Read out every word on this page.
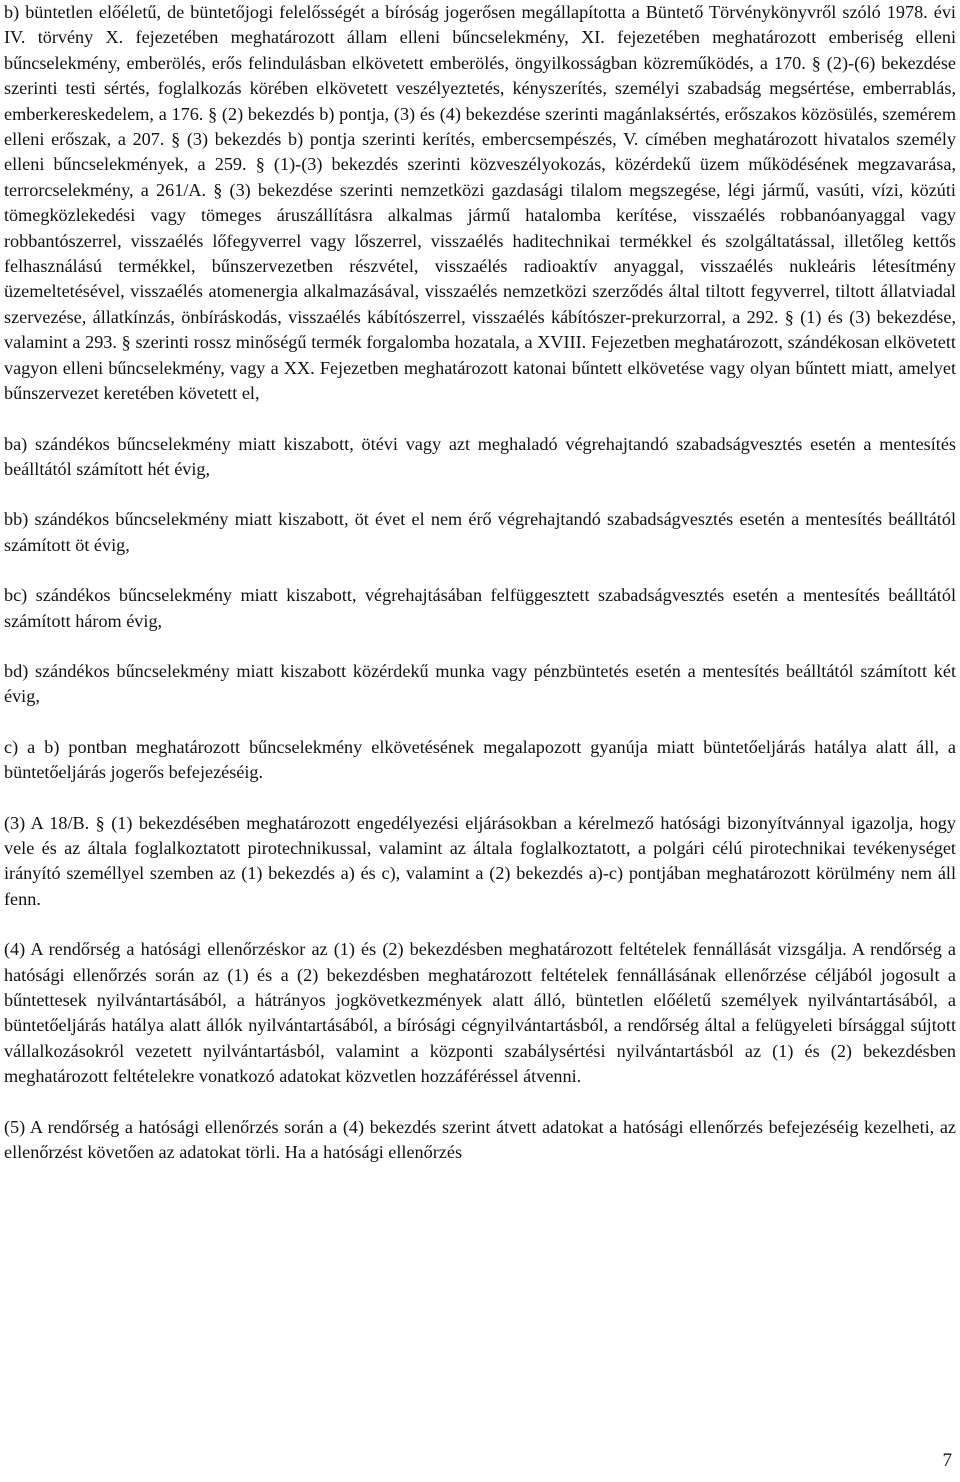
b) büntetlen előéletű, de büntetőjogi felelősségét a bíróság jogerősen megállapította a Büntető Törvénykönyvről szóló 1978. évi IV. törvény X. fejezetében meghatározott állam elleni bűncselekmény, XI. fejezetében meghatározott emberiség elleni bűncselekmény, emberölés, erős felindulásban elkövetett emberölés, öngyilkosságban közreműködés, a 170. § (2)-(6) bekezdése szerinti testi sértés, foglalkozás körében elkövetett veszélyeztetés, kényszerítés, személyi szabadság megsértése, emberrablás, emberkereskedelem, a 176. § (2) bekezdés b) pontja, (3) és (4) bekezdése szerinti magánlaksértés, erőszakos közösülés, szemérem elleni erőszak, a 207. § (3) bekezdés b) pontja szerinti kerítés, embercsempészés, V. címében meghatározott hivatalos személy elleni bűncselekmények, a 259. § (1)-(3) bekezdés szerinti közveszélyokozás, közérdekű üzem működésének megzavarása, terrorcselekmény, a 261/A. § (3) bekezdése szerinti nemzetközi gazdasági tilalom megszegése, légi jármű, vasúti, vízi, közúti tömegközlekedési vagy tömeges áruszállításra alkalmas jármű hatalomba kerítése, visszaélés robbanóanyaggal vagy robbantószerrel, visszaélés lőfegyverrel vagy lőszerrel, visszaélés haditechnikai termékkel és szolgáltatással, illetőleg kettős felhasználású termékkel, bűnszervezetben részvétel, visszaélés radioaktív anyaggal, visszaélés nukleáris létesítmény üzemeltetésével, visszaélés atomenergia alkalmazásával, visszaélés nemzetközi szerződés által tiltott fegyverrel, tiltott állatviadal szervezése, állatkínzás, önbíráskodás, visszaélés kábítószerrel, visszaélés kábítószer-prekurzorral, a 292. § (1) és (3) bekezdése, valamint a 293. § szerinti rossz minőségű termék forgalomba hozatala, a XVIII. Fejezetben meghatározott, szándékosan elkövetett vagyon elleni bűncselekmény, vagy a XX. Fejezetben meghatározott katonai bűntett elkövetése vagy olyan bűntett miatt, amelyet bűnszervezet keretében követett el,

ba) szándékos bűncselekmény miatt kiszabott, ötévi vagy azt meghaladó végrehajtandó szabadságvesztés esetén a mentesítés beálltától számított hét évig,

bb) szándékos bűncselekmény miatt kiszabott, öt évet el nem érő végrehajtandó szabadságvesztés esetén a mentesítés beálltától számított öt évig,

bc) szándékos bűncselekmény miatt kiszabott, végrehajtásában felfüggesztett szabadságvesztés esetén a mentesítés beálltától számított három évig,

bd) szándékos bűncselekmény miatt kiszabott közérdekű munka vagy pénzbüntetés esetén a mentesítés beálltától számított két évig,

c) a b) pontban meghatározott bűncselekmény elkövetésének megalapozott gyanúja miatt büntetőeljárás hatálya alatt áll, a büntetőeljárás jogerős befejezéséig.

(3) A 18/B. § (1) bekezdésében meghatározott engedélyezési eljárásokban a kérelmező hatósági bizonyítvánnyal igazolja, hogy vele és az általa foglalkoztatott pirotechnikussal, valamint az általa foglalkoztatott, a polgári célú pirotechnikai tevékenységet irányító személlyel szemben az (1) bekezdés a) és c), valamint a (2) bekezdés a)-c) pontjában meghatározott körülmény nem áll fenn.

(4) A rendőrség a hatósági ellenőrzéskor az (1) és (2) bekezdésben meghatározott feltételek fennállását vizsgálja. A rendőrség a hatósági ellenőrzés során az (1) és a (2) bekezdésben meghatározott feltételek fennállásának ellenőrzése céljából jogosult a bűntettesek nyilvántartásából, a hátrányos jogkövetkezmények alatt álló, büntetlen előéletű személyek nyilvántartásából, a büntetőeljárás hatálya alatt állók nyilvántartásából, a bírósági cégnyilvántartásból, a rendőrség által a felügyeleti bírsággal sújtott vállalkozásokról vezetett nyilvántartásból, valamint a központi szabálysértési nyilvántartásból az (1) és (2) bekezdésben meghatározott feltételekre vonatkozó adatokat közvetlen hozzáféréssel átvenni.

(5) A rendőrség a hatósági ellenőrzés során a (4) bekezdés szerint átvett adatokat a hatósági ellenőrzés befejezéséig kezelheti, az ellenőrzést követően az adatokat törli. Ha a hatósági ellenőrzés

7
